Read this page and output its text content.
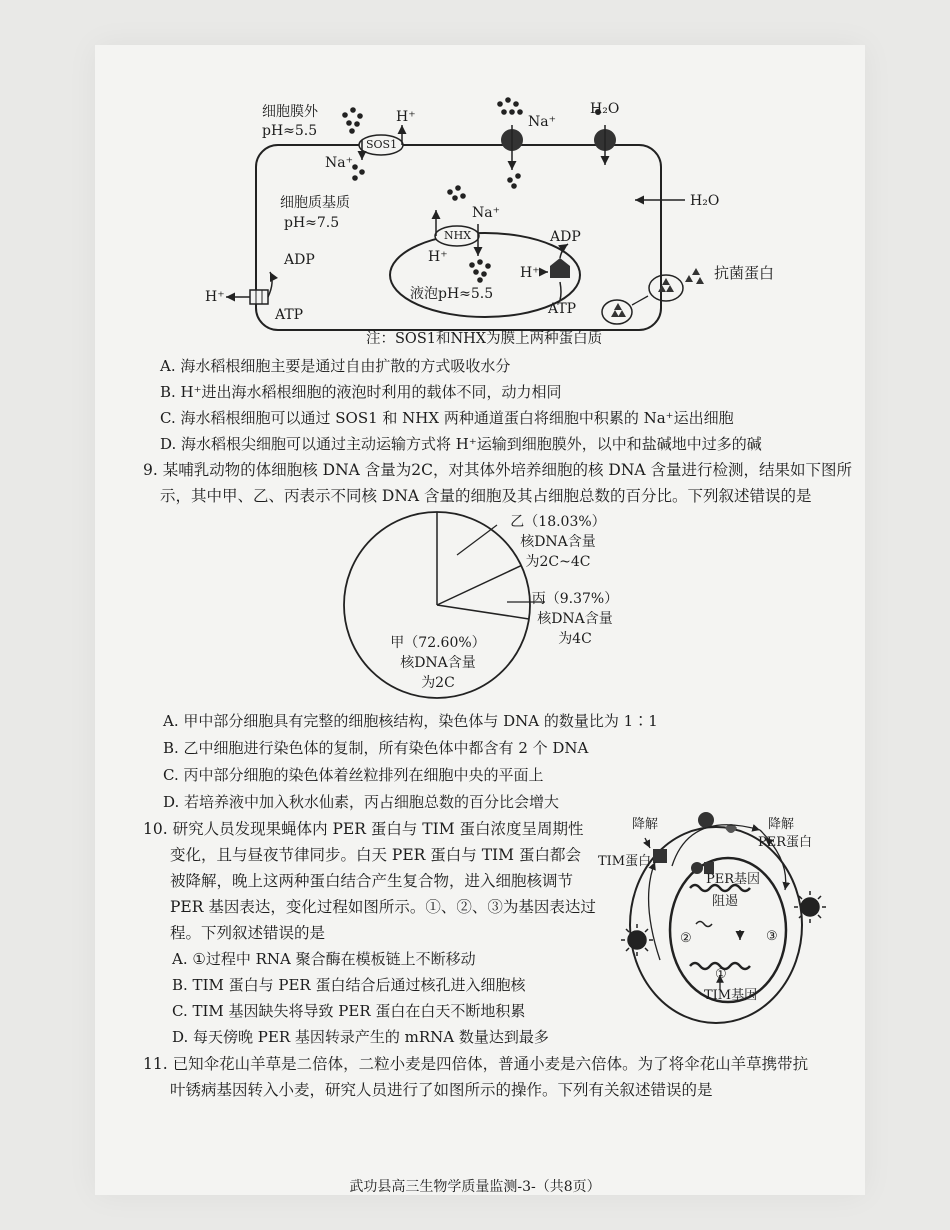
细胞膜外
pH≈5.5
SOS1
H⁺
Na⁺
Na⁺
H₂O
H₂O
细胞质基质
pH≈7.5
NHX
Na⁺
H⁺
液泡pH≈5.5
ADP
ATP
H⁺
ADP
ATP
H⁺
抗菌蛋白
注：SOS1和NHX为膜上两种蛋白质
A. 海水稻根细胞主要是通过自由扩散的方式吸收水分
B. H⁺进出海水稻根细胞的液泡时利用的载体不同，动力相同
C. 海水稻根细胞可以通过 SOS1 和 NHX 两种通道蛋白将细胞中积累的 Na⁺运出细胞
D. 海水稻根尖细胞可以通过主动运输方式将 H⁺运输到细胞膜外，以中和盐碱地中过多的碱
9. 某哺乳动物的体细胞核 DNA 含量为2C，对其体外培养细胞的核 DNA 含量进行检测，结果如下图所
示，其中甲、乙、丙表示不同核 DNA 含量的细胞及其占细胞总数的百分比。下列叙述错误的是
乙（18.03%）
核DNA含量
为2C~4C
丙（9.37%）
核DNA含量
为4C
甲（72.60%）
核DNA含量
为2C
A. 甲中部分细胞具有完整的细胞核结构，染色体与 DNA 的数量比为 1∶1
B. 乙中细胞进行染色体的复制，所有染色体中都含有 2 个 DNA
C. 丙中部分细胞的染色体着丝粒排列在细胞中央的平面上
D. 若培养液中加入秋水仙素，丙占细胞总数的百分比会增大
10. 研究人员发现果蝇体内 PER 蛋白与 TIM 蛋白浓度呈周期性
变化，且与昼夜节律同步。白天 PER 蛋白与 TIM 蛋白都会
被降解，晚上这两种蛋白结合产生复合物，进入细胞核调节
PER 基因表达，变化过程如图所示。①、②、③为基因表达过
程。下列叙述错误的是
A. ①过程中 RNA 聚合酶在模板链上不断移动
B. TIM 蛋白与 PER 蛋白结合后通过核孔进入细胞核
C. TIM 基因缺失将导致 PER 蛋白在白天不断地积累
D. 每天傍晚 PER 基因转录产生的 mRNA 数量达到最多
降解	降解
PER蛋白
TIM蛋白
PER基因
阻遏
②
①
TIM基因
③
11. 已知伞花山羊草是二倍体，二粒小麦是四倍体，普通小麦是六倍体。为了将伞花山羊草携带抗
叶锈病基因转入小麦，研究人员进行了如图所示的操作。下列有关叙述错误的是
武功县高三生物学质量监测-3-（共8页）
